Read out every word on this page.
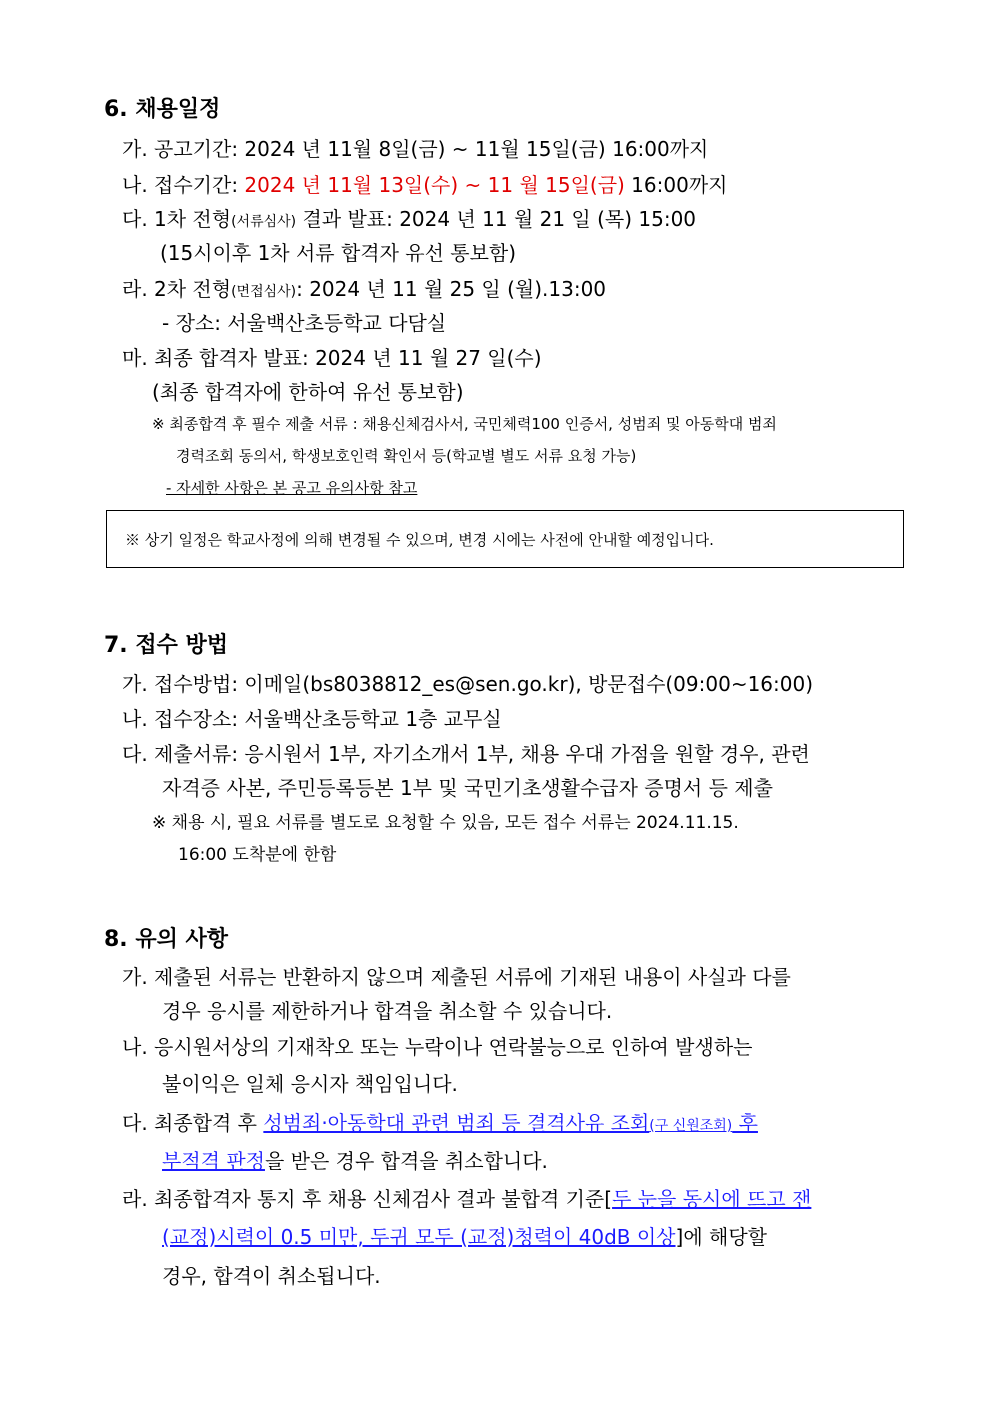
6. 채용일정
가. 공고기간: 2024 년 11월 8일(금) ~ 11월 15일(금) 16:00까지
나. 접수기간: 2024 년 11월 13일(수) ~ 11 월 15일(금) 16:00까지
다. 1차 전형(서류심사) 결과 발표: 2024 년 11 월 21 일 (목) 15:00
(15시이후 1차 서류 합격자 유선 통보함)
라. 2차 전형(면접심사): 2024 년 11 월 25 일 (월).13:00
- 장소: 서울백산초등학교 다담실
마. 최종 합격자 발표: 2024 년 11 월 27 일(수)
(최종 합격자에 한하여 유선 통보함)
※ 최종합격 후 필수 제출 서류 : 채용신체검사서, 국민체력100 인증서, 성범죄 및 아동학대 범죄
경력조회 동의서, 학생보호인력 확인서 등(학교별 별도 서류 요청 가능)
- 자세한 사항은 본 공고 유의사항 참고
※ 상기 일정은 학교사정에 의해 변경될 수 있으며, 변경 시에는 사전에 안내할 예정입니다.
7. 접수 방법
가. 접수방법: 이메일(bs8038812_es@sen.go.kr), 방문접수(09:00~16:00)
나. 접수장소: 서울백산초등학교 1층 교무실
다. 제출서류: 응시원서 1부, 자기소개서 1부, 채용 우대 가점을 원할 경우, 관련
자격증 사본, 주민등록등본 1부 및 국민기초생활수급자 증명서 등 제출
※ 채용 시, 필요 서류를 별도로 요청할 수 있음, 모든 접수 서류는 2024.11.15.
16:00 도착분에 한함
8. 유의 사항
가. 제출된 서류는 반환하지 않으며 제출된 서류에 기재된 내용이 사실과 다를
경우 응시를 제한하거나 합격을 취소할 수 있습니다.
나. 응시원서상의 기재착오 또는 누락이나 연락불능으로 인하여 발생하는
불이익은 일체 응시자 책임입니다.
다. 최종합격 후 성범죄·아동학대 관련 범죄 등 결격사유 조회(구 신원조회) 후
부적격 판정을 받은 경우 합격을 취소합니다.
라. 최종합격자 통지 후 채용 신체검사 결과 불합격 기준[두 눈을 동시에 뜨고 잰
(교정)시력이 0.5 미만, 두귀 모두 (교정)청력이 40dB 이상]에 해당할
경우, 합격이 취소됩니다.
